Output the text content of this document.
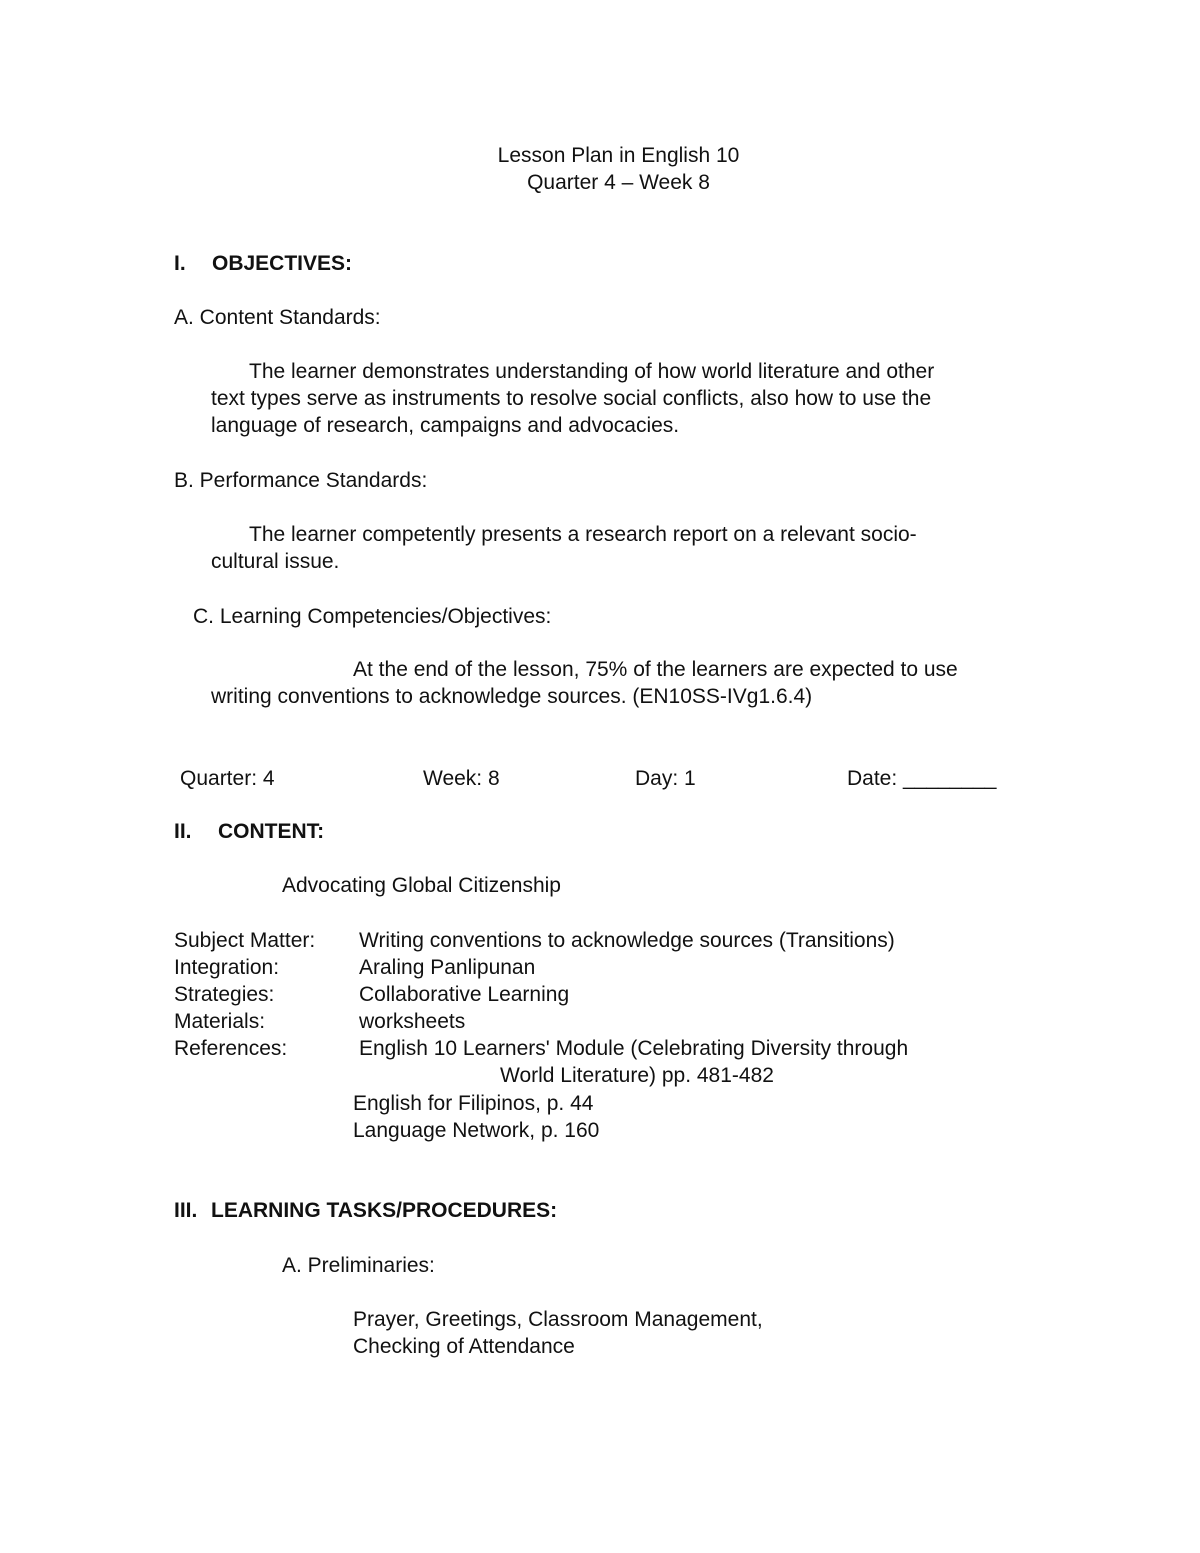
Lesson Plan in English 10
Quarter 4 – Week 8
I. OBJECTIVES:
A. Content Standards:
The learner demonstrates understanding of how world literature and other
text types serve as instruments to resolve social conflicts, also how to use the
language of research, campaigns and advocacies.
B. Performance Standards:
The learner competently presents a research report on a relevant socio-
cultural issue.
C. Learning Competencies/Objectives:
At the end of the lesson, 75% of the learners are expected to use
writing conventions to acknowledge sources. (EN10SS-IVg1.6.4)
Quarter: 4	Week: 8	Day: 1	Date: ________
II. CONTENT:
Advocating Global Citizenship
Subject Matter: Writing conventions to acknowledge sources (Transitions)
Integration:	Araling Panlipunan
Strategies:	Collaborative Learning
Materials:	worksheets
References:	English 10 Learners' Module (Celebrating Diversity through
World Literature) pp. 481-482
English for Filipinos, p. 44
Language Network, p. 160
III. LEARNING TASKS/PROCEDURES:
A. Preliminaries:
Prayer, Greetings, Classroom Management,
Checking of Attendance
